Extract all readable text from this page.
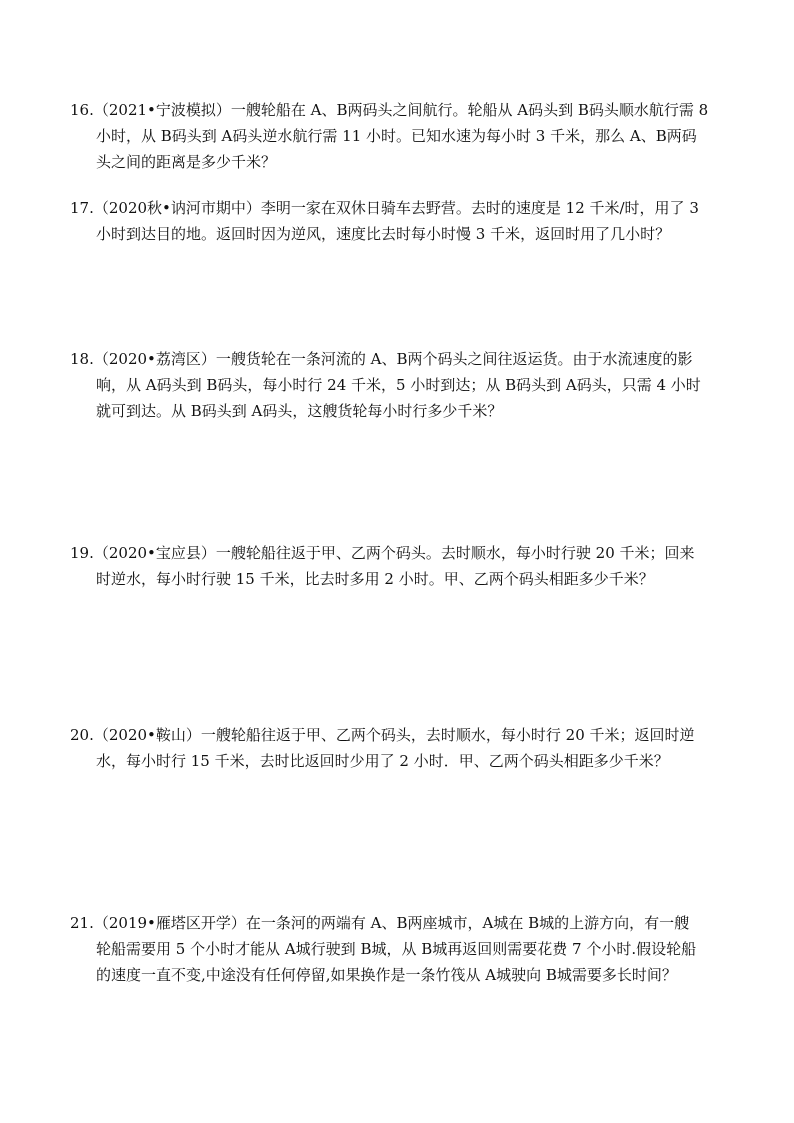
16.（2021•宁波模拟）一艘轮船在 A、B两码头之间航行。轮船从 A码头到 B码头顺水航行需 8
小时，从 B码头到 A码头逆水航行需 11 小时。已知水速为每小时 3 千米，那么 A、B两码
头之间的距离是多少千米？
17.（2020秋•讷河市期中）李明一家在双休日骑车去野营。去时的速度是 12 千米/时，用了 3
小时到达目的地。返回时因为逆风，速度比去时每小时慢 3 千米，返回时用了几小时？
18.（2020•荔湾区）一艘货轮在一条河流的 A、B两个码头之间往返运货。由于水流速度的影
响，从 A码头到 B码头，每小时行 24 千米，5 小时到达；从 B码头到 A码头，只需 4 小时
就可到达。从 B码头到 A码头，这艘货轮每小时行多少千米？
19.（2020•宝应县）一艘轮船往返于甲、乙两个码头。去时顺水，每小时行驶 20 千米；回来
时逆水，每小时行驶 15 千米，比去时多用 2 小时。甲、乙两个码头相距多少千米？
20.（2020•鞍山）一艘轮船往返于甲、乙两个码头，去时顺水，每小时行 20 千米；返回时逆
水，每小时行 15 千米，去时比返回时少用了 2 小时．甲、乙两个码头相距多少千米？
21.（2019•雁塔区开学）在一条河的两端有 A、B两座城市，A城在 B城的上游方向，有一艘
轮船需要用 5 个小时才能从 A城行驶到 B城，从 B城再返回则需要花费 7 个小时.假设轮船
的速度一直不变,中途没有任何停留,如果换作是一条竹筏从 A城驶向 B城需要多长时间？
